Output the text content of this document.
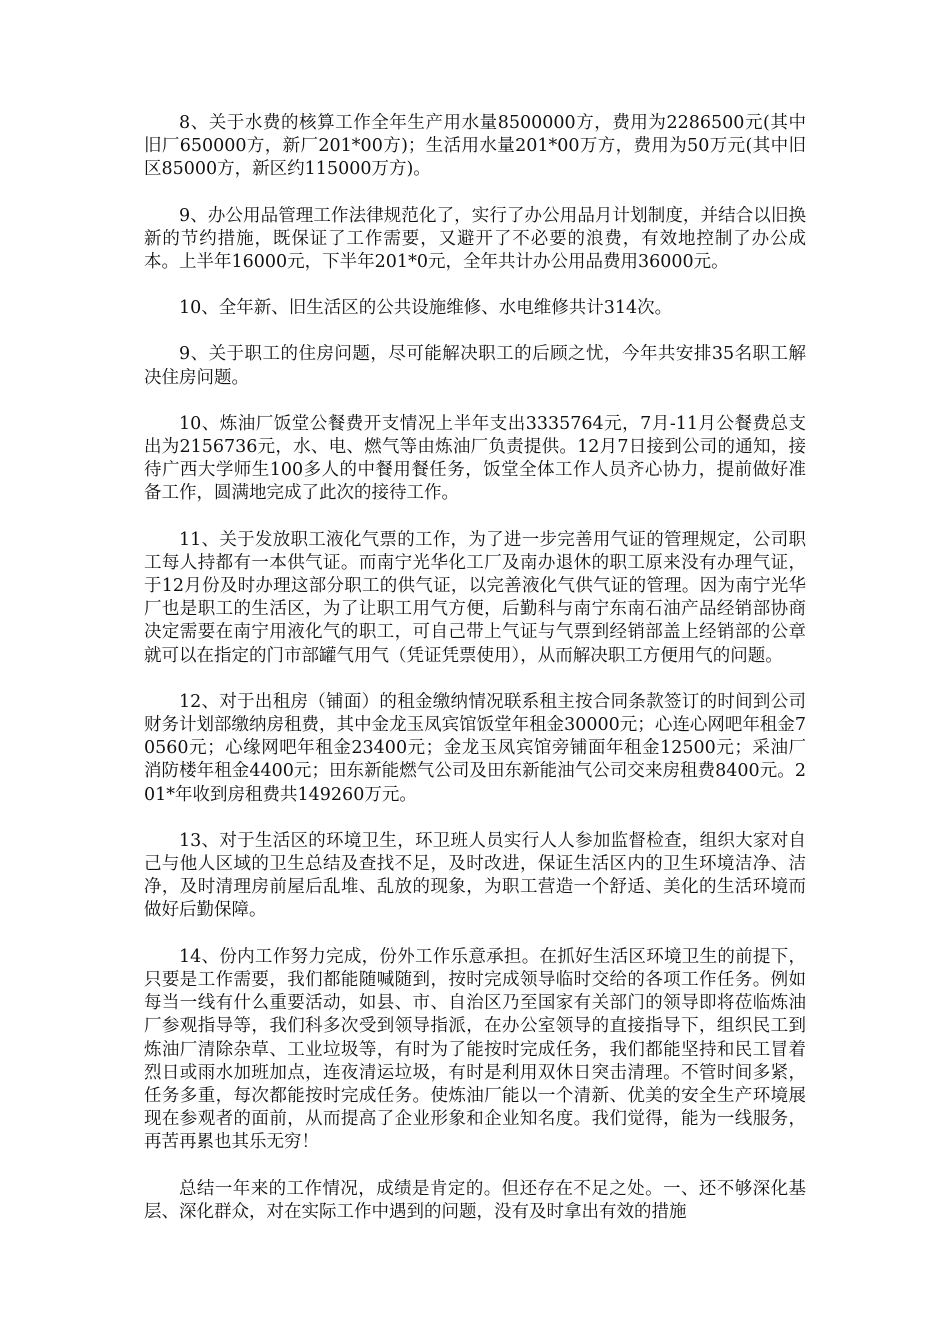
8、关于水费的核算工作全年生产用水量8500000方，费用为2286500元(其中旧厂650000方，新厂201*00方)；生活用水量201*00万方，费用为50万元(其中旧区85000方，新区约115000万方)。

9、办公用品管理工作法律规范化了，实行了办公用品月计划制度，并结合以旧换新的节约措施，既保证了工作需要，又避开了不必要的浪费，有效地控制了办公成本。上半年16000元，下半年201*0元，全年共计办公用品费用36000元。

10、全年新、旧生活区的公共设施维修、水电维修共计314次。

9、关于职工的住房问题，尽可能解决职工的后顾之忧，今年共安排35名职工解决住房问题。

10、炼油厂饭堂公餐费开支情况上半年支出3335764元，7月-11月公餐费总支出为2156736元，水、电、燃气等由炼油厂负责提供。12月7日接到公司的通知，接待广西大学师生100多人的中餐用餐任务，饭堂全体工作人员齐心协力，提前做好准备工作，圆满地完成了此次的接待工作。

11、关于发放职工液化气票的工作，为了进一步完善用气证的管理规定，公司职工每人持都有一本供气证。而南宁光华化工厂及南办退休的职工原来没有办理气证，于12月份及时办理这部分职工的供气证，以完善液化气供气证的管理。因为南宁光华厂也是职工的生活区，为了让职工用气方便，后勤科与南宁东南石油产品经销部协商决定需要在南宁用液化气的职工，可自己带上气证与气票到经销部盖上经销部的公章就可以在指定的门市部罐气用气（凭证凭票使用），从而解决职工方便用气的问题。

12、对于出租房（铺面）的租金缴纳情况联系租主按合同条款签订的时间到公司财务计划部缴纳房租费，其中金龙玉凤宾馆饭堂年租金30000元；心连心网吧年租金70560元；心缘网吧年租金23400元；金龙玉凤宾馆旁铺面年租金12500元；采油厂消防楼年租金4400元；田东新能燃气公司及田东新能油气公司交来房租费8400元。201*年收到房租费共149260万元。

13、对于生活区的环境卫生，环卫班人员实行人人参加监督检查，组织大家对自己与他人区域的卫生总结及查找不足，及时改进，保证生活区内的卫生环境洁净、洁净，及时清理房前屋后乱堆、乱放的现象，为职工营造一个舒适、美化的生活环境而做好后勤保障。

14、份内工作努力完成，份外工作乐意承担。在抓好生活区环境卫生的前提下，只要是工作需要，我们都能随喊随到，按时完成领导临时交给的各项工作任务。例如每当一线有什么重要活动，如县、市、自治区乃至国家有关部门的领导即将莅临炼油厂参观指导等，我们科多次受到领导指派，在办公室领导的直接指导下，组织民工到炼油厂清除杂草、工业垃圾等，有时为了能按时完成任务，我们都能坚持和民工冒着烈日或雨水加班加点，连夜清运垃圾，有时是利用双休日突击清理。不管时间多紧，任务多重，每次都能按时完成任务。使炼油厂能以一个清新、优美的安全生产环境展现在参观者的面前，从而提高了企业形象和企业知名度。我们觉得，能为一线服务，再苦再累也其乐无穷！

总结一年来的工作情况，成绩是肯定的。但还存在不足之处。一、还不够深化基层、深化群众，对在实际工作中遇到的问题，没有及时拿出有效的措施
